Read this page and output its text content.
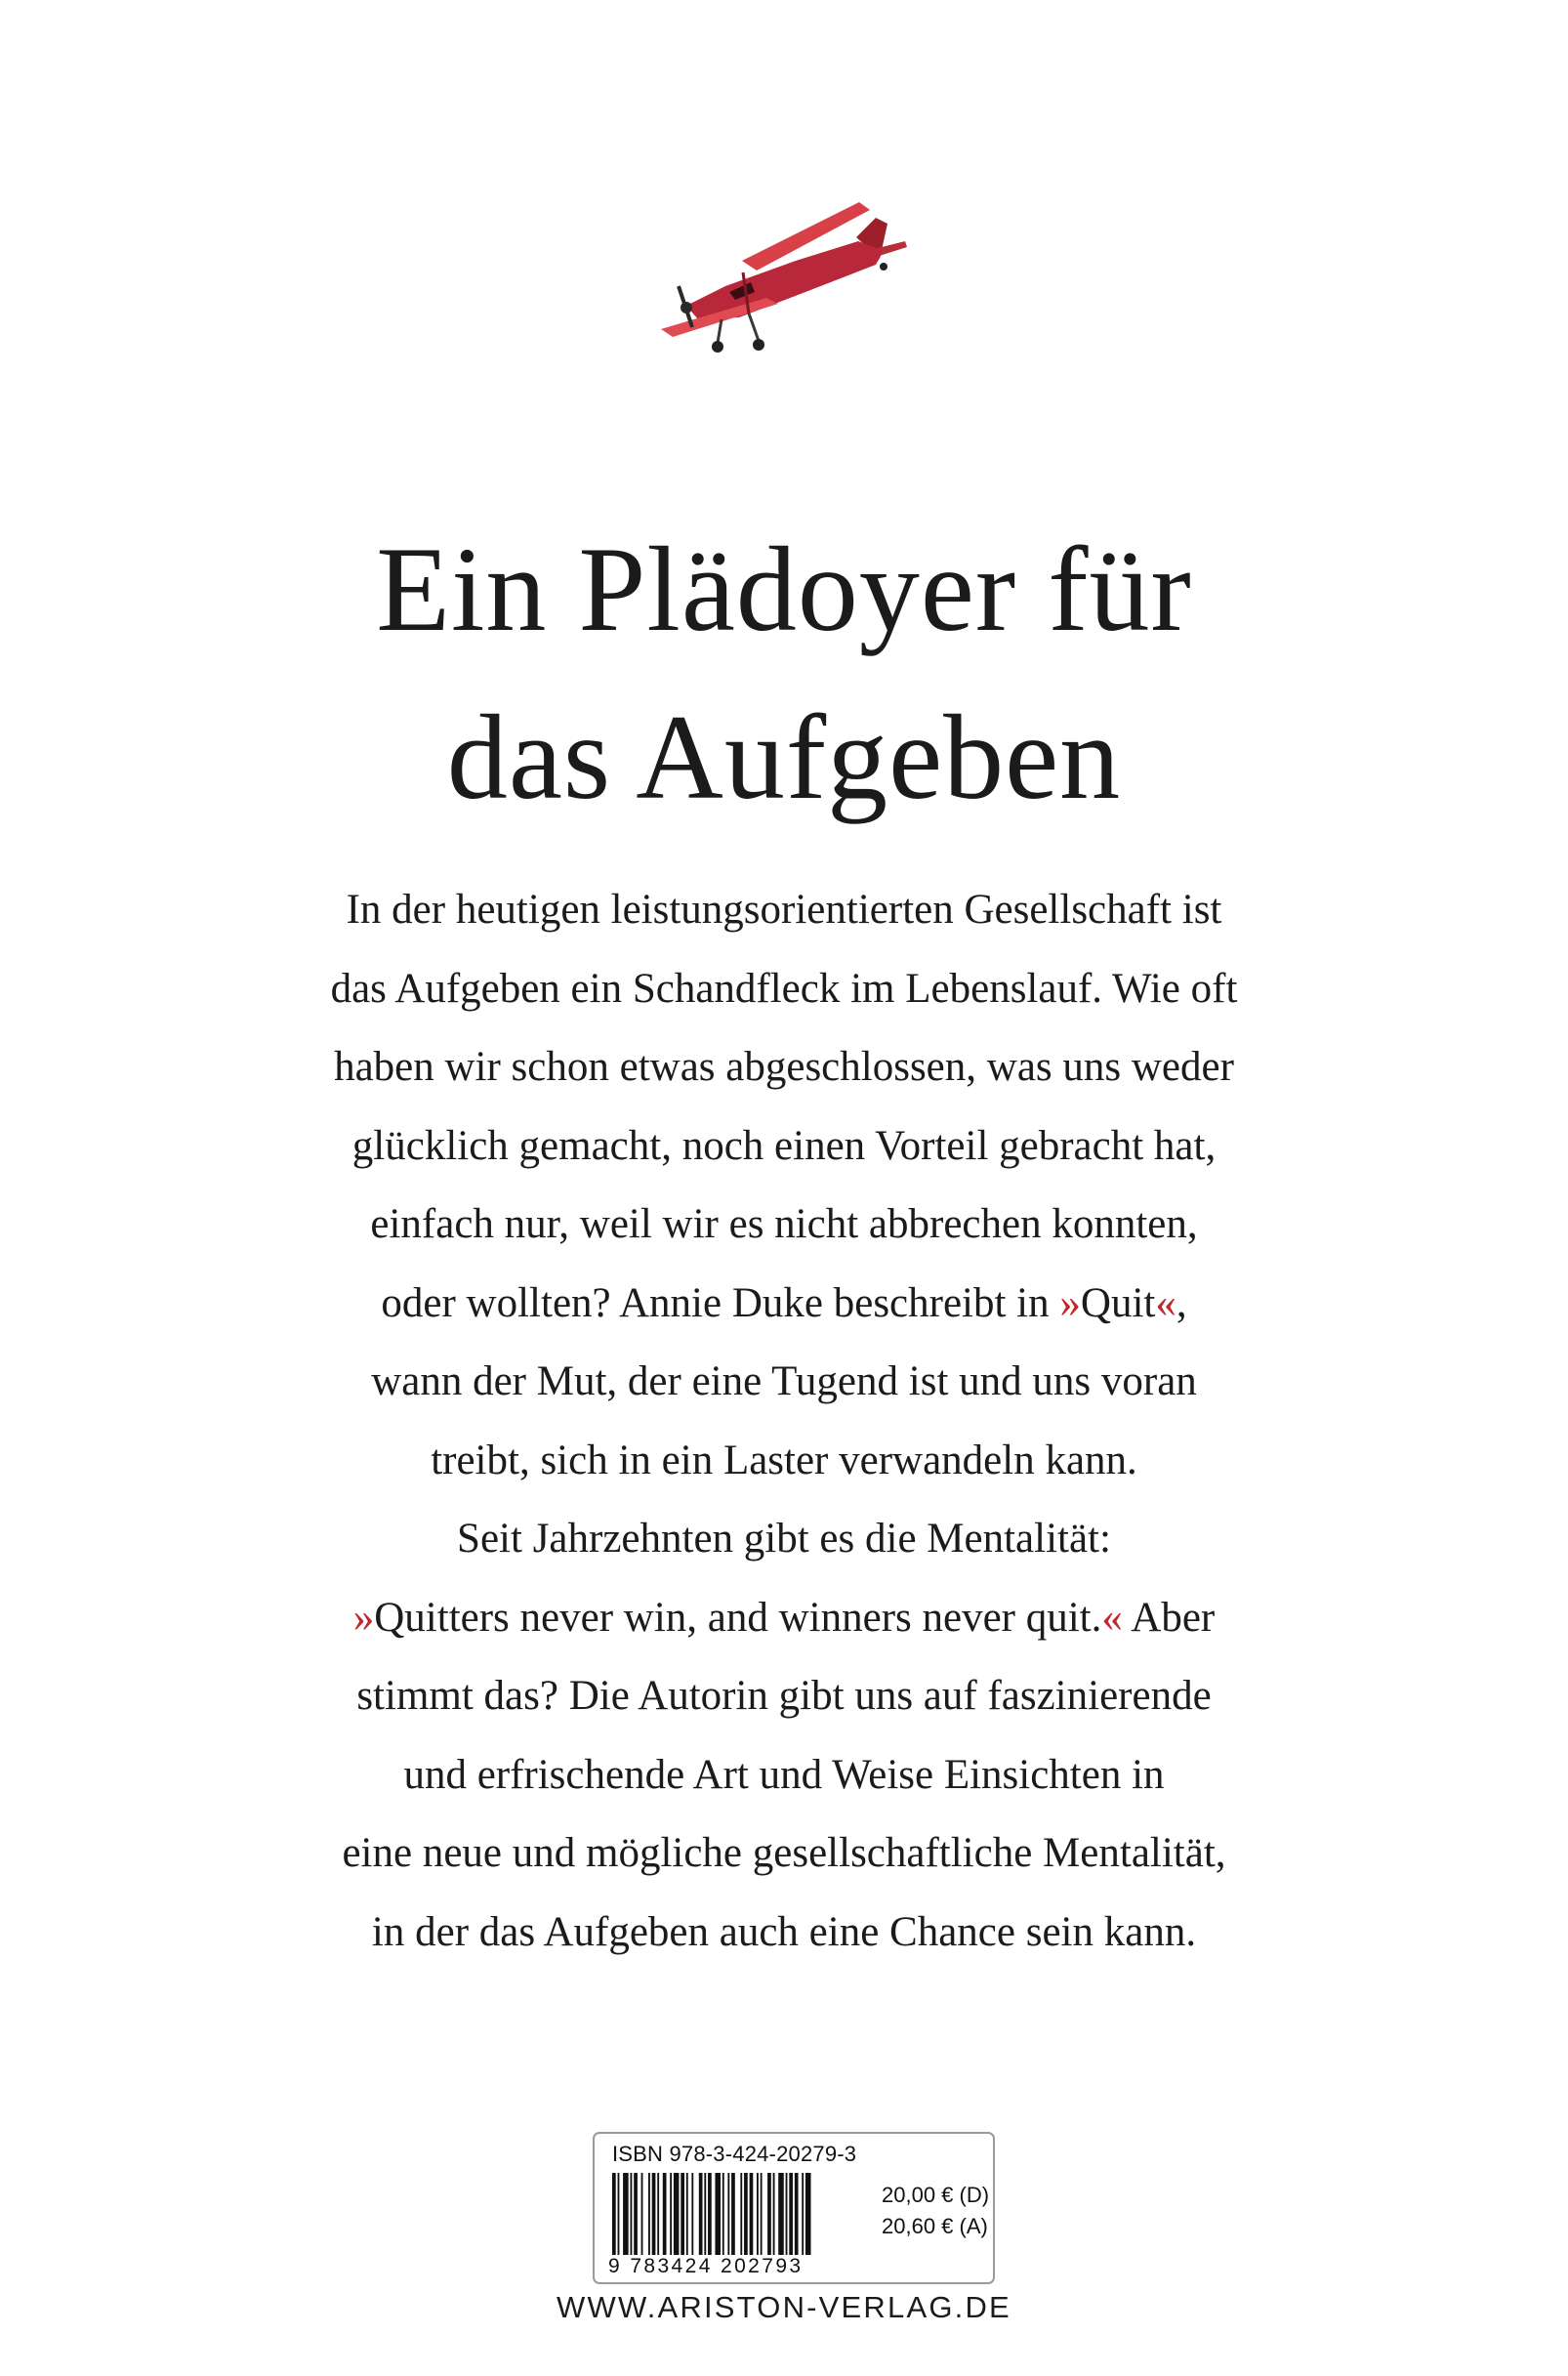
Ein Plädoyer für
das Aufgeben

In der heutigen leistungsorientierten Gesellschaft ist
das Aufgeben ein Schandfleck im Lebenslauf. Wie oft
haben wir schon etwas abgeschlossen, was uns weder
glücklich gemacht, noch einen Vorteil gebracht hat,
einfach nur, weil wir es nicht abbrechen konnten,
oder wollten? Annie Duke beschreibt in »Quit«,
wann der Mut, der eine Tugend ist und uns voran
treibt, sich in ein Laster verwandeln kann.
Seit Jahrzehnten gibt es die Mentalität:
»Quitters never win, and winners never quit.« Aber
stimmt das? Die Autorin gibt uns auf faszinierende
und erfrischende Art und Weise Einsichten in
eine neue und mögliche gesellschaftliche Mentalität,
in der das Aufgeben auch eine Chance sein kann.

ISBN 978-3-424-20279-3
9 783424 202793
20,00 € (D)
20,60 € (A)
WWW.ARISTON-VERLAG.DE
